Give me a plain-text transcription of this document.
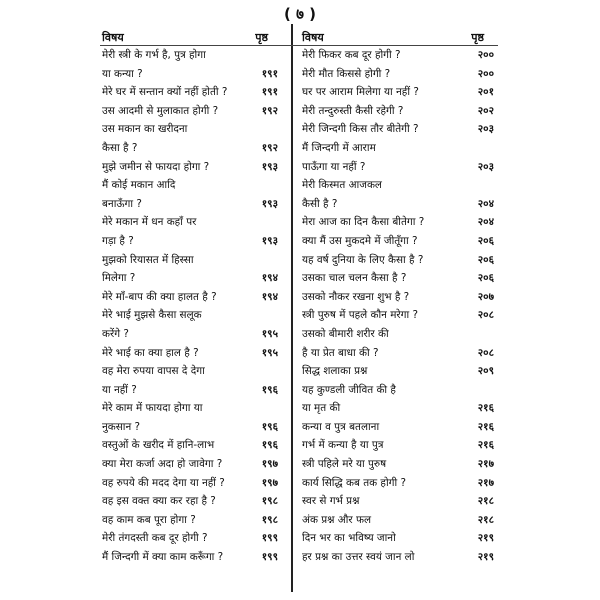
( ७ )
विषय	पृष्ठ
मेरी स्त्री के गर्भ है, पुत्र होगा
या कन्या ?	१९१
मेरे घर में सन्तान क्यों नहीं होती ?	१९१
उस आदमी से मुलाकात होगी ?	१९२
उस मकान का खरीदना
कैसा है ?	१९२
मुझे जमीन से फायदा होगा ?	१९३
मैं कोई मकान आदि
बनाऊँगा ?	१९३
मेरे मकान में धन कहाँ पर
गड़ा है ?	१९३
मुझको रियासत में हिस्सा
मिलेगा ?	१९४
मेरे माँ-बाप की क्या हालत है ?	१९४
मेरे भाई मुझसे कैसा सलूक
करेंगे ?	१९५
मेरे भाई का क्या हाल है ?	१९५
वह मेरा रुपया वापस दे देगा
या नहीं ?	१९६
मेरे काम में फायदा होगा या
नुकसान ?	१९६
वस्तुओं के खरीद में हानि-लाभ	१९६
क्या मेरा कर्जा अदा हो जावेगा ?	१९७
वह रुपये की मदद देगा या नहीं ?	१९७
वह इस वक्त क्या कर रहा है ?	१९८
वह काम कब पूरा होगा ?	१९८
मेरी तंगदस्ती कब दूर होगी ?	१९९
मैं जिन्दगी में क्या काम करूँगा ?	१९९
विषय	पृष्ठ
मेरी फिकर कब दूर होगी ?	२००
मेरी मौत किससे होगी ?	२००
घर पर आराम मिलेगा या नहीं ?	२०१
मेरी तन्दुरुस्ती कैसी रहेगी ?	२०२
मेरी जिन्दगी किस तौर बीतेगी ?	२०३
मैं जिन्दगी में आराम
पाऊँगा या नहीं ?	२०३
मेरी किस्मत आजकल
कैसी है ?	२०४
मेरा आज का दिन कैसा बीतेगा ?	२०४
क्या मैं उस मुकदमे में जीतूँगा ?	२०६
यह वर्ष दुनिया के लिए कैसा है ?	२०६
उसका चाल चलन कैसा है ?	२०६
उसको नौकर रखना शुभ है ?	२०७
स्त्री पुरुष में पहले कौन मरेगा ?	२०८
उसको बीमारी शरीर की
है या प्रेत बाधा की ?	२०८
सिद्ध शलाका प्रश्न	२०९
यह कुण्डली जीवित की है
या मृत की	२१६
कन्या व पुत्र बतलाना	२१६
गर्भ में कन्या है या पुत्र	२१६
स्त्री पहिले मरे या पुरुष	२१७
कार्य सिद्धि कब तक होगी ?	२१७
स्वर से गर्भ प्रश्न	२१८
अंक प्रश्न और फल	२१८
दिन भर का भविष्य जानो	२१९
हर प्रश्न का उत्तर स्वयं जान लो	२१९
